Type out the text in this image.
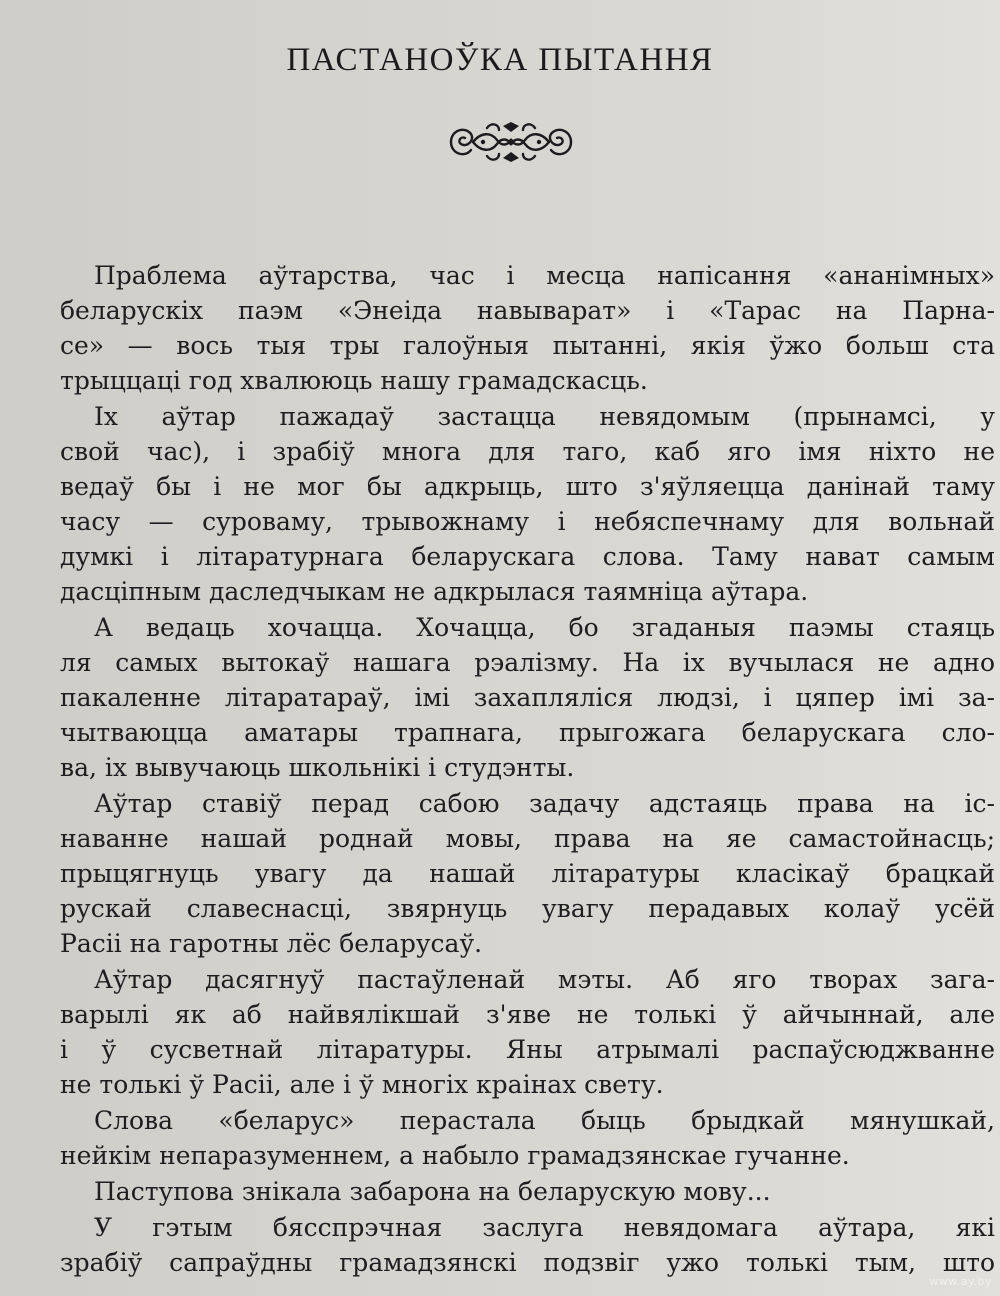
ПАСТАНОЎКА ПЫТАННЯ
Праблема аўтарства, час і месца напісання «ананімных»
беларускіх паэм «Энеіда навыварат» і «Тарас на Парна-
се» — вось тыя тры галоўныя пытанні, якія ўжо больш ста
трыццаці год хвалююць нашу грамадскасць.
Іх аўтар пажадаў застацца невядомым (прынамсі, у
свой час), і зрабіў многа для таго, каб яго імя ніхто не
ведаў бы і не мог бы адкрыць, што з'яўляецца данінай таму
часу — суроваму, трывожнаму і небяспечнаму для вольнай
думкі і літаратурнага беларускага слова. Таму нават самым
дасціпным даследчыкам не адкрылася таямніца аўтара.
А ведаць хочацца. Хочацца, бо згаданыя паэмы стаяць
ля самых вытокаў нашага рэалізму. На іх вучылася не адно
пакаленне літаратараў, імі захапляліся людзі, і цяпер імі за-
чытваюцца аматары трапнага, прыгожага беларускага сло-
ва, іх вывучаюць школьнікі і студэнты.
Аўтар ставіў перад сабою задачу адстаяць права на іс-
наванне нашай роднай мовы, права на яе самастойнасць;
прыцягнуць увагу да нашай літаратуры класікаў брацкай
рускай славеснасці, звярнуць увагу перадавых колаў усёй
Расіі на гаротны лёс беларусаў.
Аўтар дасягнуў пастаўленай мэты. Аб яго творах загa-
варылі як аб найвялікшай з'яве не толькі ў айчыннай, але
і ў сусветнай літаратуры. Яны атрымалі распаўсюджванне
не толькі ў Расіі, але і ў многіх краінах свету.
Слова «беларус» перастала быць брыдкай мянушкай,
нейкім непаразуменнем, а набыло грамадзянскае гучанне.
Паступова знікала забарона на беларускую мову...
У гэтым бясспрэчная заслуга невядомага аўтара, які
зрабіў сапраўдны грамадзянскі подзвіг ужо толькі тым, што
www.ay.by
